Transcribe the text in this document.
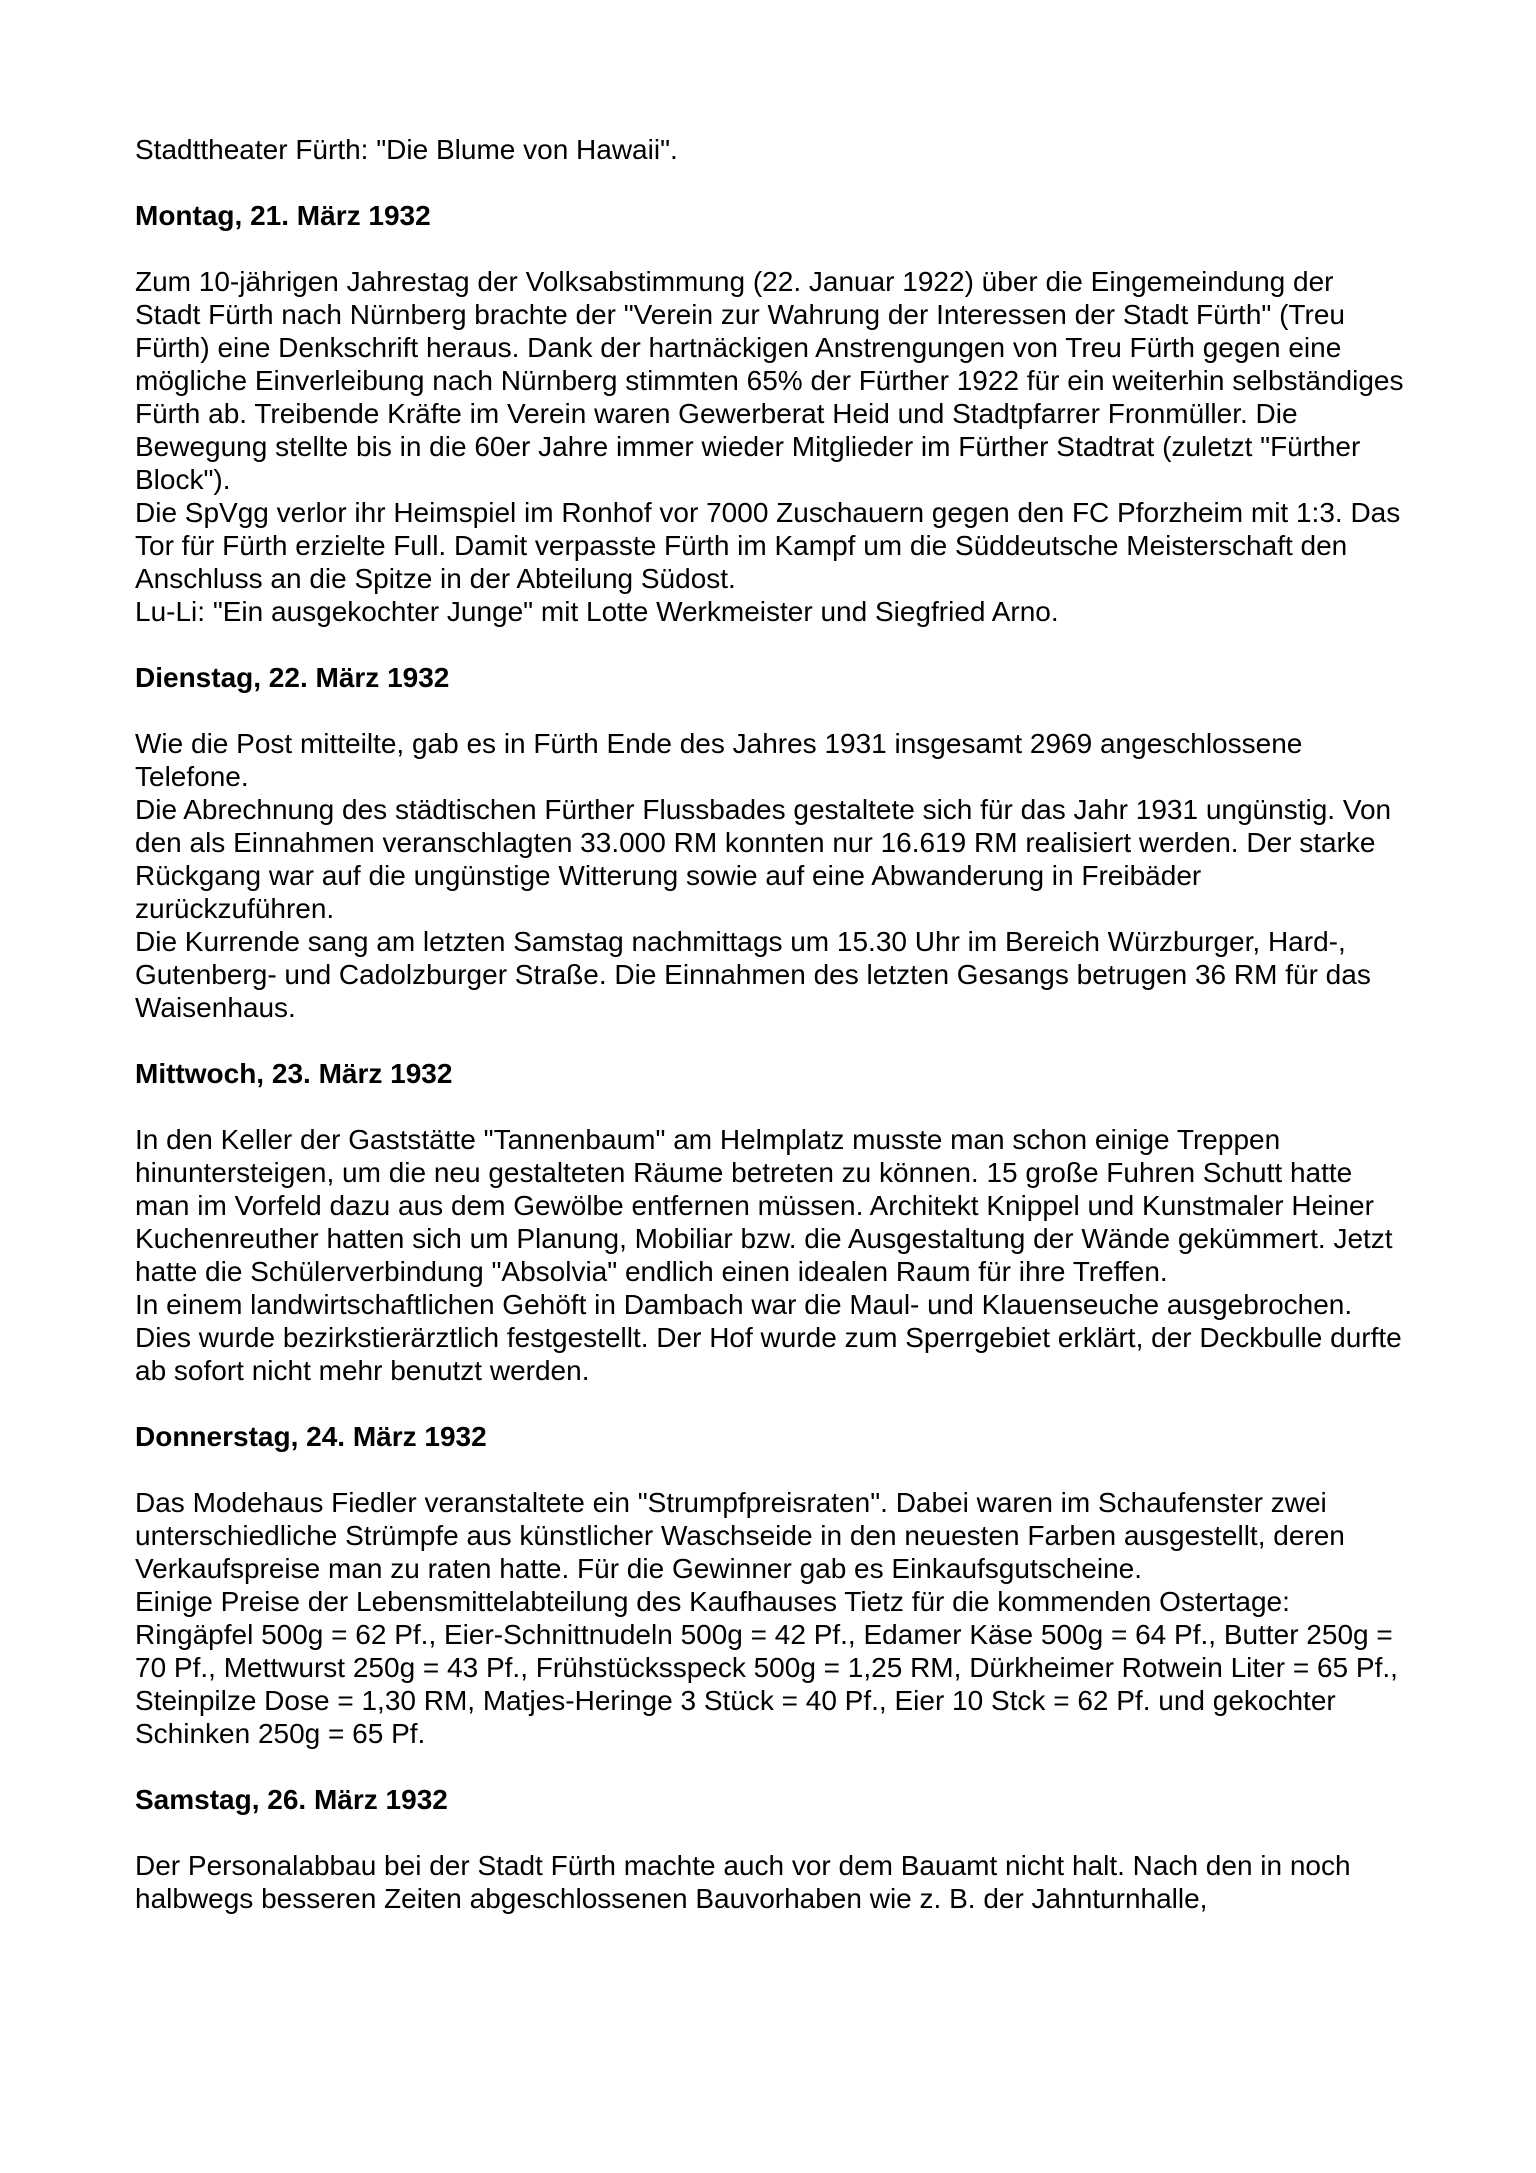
Stadttheater Fürth: "Die Blume von Hawaii".

Montag, 21. März 1932

Zum 10-jährigen Jahrestag der Volksabstimmung (22. Januar 1922) über die Eingemeindung der Stadt Fürth nach Nürnberg brachte der "Verein zur Wahrung der Interessen der Stadt Fürth" (Treu Fürth) eine Denkschrift heraus. Dank der hartnäckigen Anstrengungen von Treu Fürth gegen eine mögliche Einverleibung nach Nürnberg stimmten 65% der Fürther 1922 für ein weiterhin selbständiges Fürth ab. Treibende Kräfte im Verein waren Gewerberat Heid und Stadtpfarrer Fronmüller. Die Bewegung stellte bis in die 60er Jahre immer wieder Mitglieder im Fürther Stadtrat (zuletzt "Fürther Block").

Die SpVgg verlor ihr Heimspiel im Ronhof vor 7000 Zuschauern gegen den FC Pforzheim mit 1:3. Das Tor für Fürth erzielte Full. Damit verpasste Fürth im Kampf um die Süddeutsche Meisterschaft den Anschluss an die Spitze in der Abteilung Südost.

Lu-Li: "Ein ausgekochter Junge" mit Lotte Werkmeister und Siegfried Arno.

Dienstag, 22. März 1932

Wie die Post mitteilte, gab es in Fürth Ende des Jahres 1931 insgesamt 2969 angeschlossene Telefone.

Die Abrechnung des städtischen Fürther Flussbades gestaltete sich für das Jahr 1931 ungünstig. Von den als Einnahmen veranschlagten 33.000 RM konnten nur 16.619 RM realisiert werden. Der starke Rückgang war auf die ungünstige Witterung sowie auf eine Abwanderung in Freibäder zurückzuführen.

Die Kurrende sang am letzten Samstag nachmittags um 15.30 Uhr im Bereich Würzburger, Hard-, Gutenberg- und Cadolzburger Straße. Die Einnahmen des letzten Gesangs betrugen 36 RM für das Waisenhaus.

Mittwoch, 23. März 1932

In den Keller der Gaststätte "Tannenbaum" am Helmplatz musste man schon einige Treppen hinuntersteigen, um die neu gestalteten Räume betreten zu können. 15 große Fuhren Schutt hatte man im Vorfeld dazu aus dem Gewölbe entfernen müssen. Architekt Knippel und Kunstmaler Heiner Kuchenreuther hatten sich um Planung, Mobiliar bzw. die Ausgestaltung der Wände gekümmert. Jetzt hatte die Schülerverbindung "Absolvia" endlich einen idealen Raum für ihre Treffen.

In einem landwirtschaftlichen Gehöft in Dambach war die Maul- und Klauenseuche ausgebrochen. Dies wurde bezirkstierärztlich festgestellt. Der Hof wurde zum Sperrgebiet erklärt, der Deckbulle durfte ab sofort nicht mehr benutzt werden.

Donnerstag, 24. März 1932

Das Modehaus Fiedler veranstaltete ein "Strumpfpreisraten". Dabei waren im Schaufenster zwei unterschiedliche Strümpfe aus künstlicher Waschseide in den neuesten Farben ausgestellt, deren Verkaufspreise man zu raten hatte. Für die Gewinner gab es Einkaufsgutscheine.

Einige Preise der Lebensmittelabteilung des Kaufhauses Tietz für die kommenden Ostertage: Ringäpfel 500g = 62 Pf., Eier-Schnittnudeln 500g = 42 Pf., Edamer Käse 500g = 64 Pf., Butter 250g = 70 Pf., Mettwurst 250g = 43 Pf., Frühstücksspeck 500g = 1,25 RM, Dürkheimer Rotwein Liter = 65 Pf., Steinpilze Dose = 1,30 RM, Matjes-Heringe 3 Stück = 40 Pf., Eier 10 Stck = 62 Pf. und gekochter Schinken 250g = 65 Pf.

Samstag, 26. März 1932

Der Personalabbau bei der Stadt Fürth machte auch vor dem Bauamt nicht halt. Nach den in noch halbwegs besseren Zeiten abgeschlossenen Bauvorhaben wie z. B. der Jahnturnhalle,
